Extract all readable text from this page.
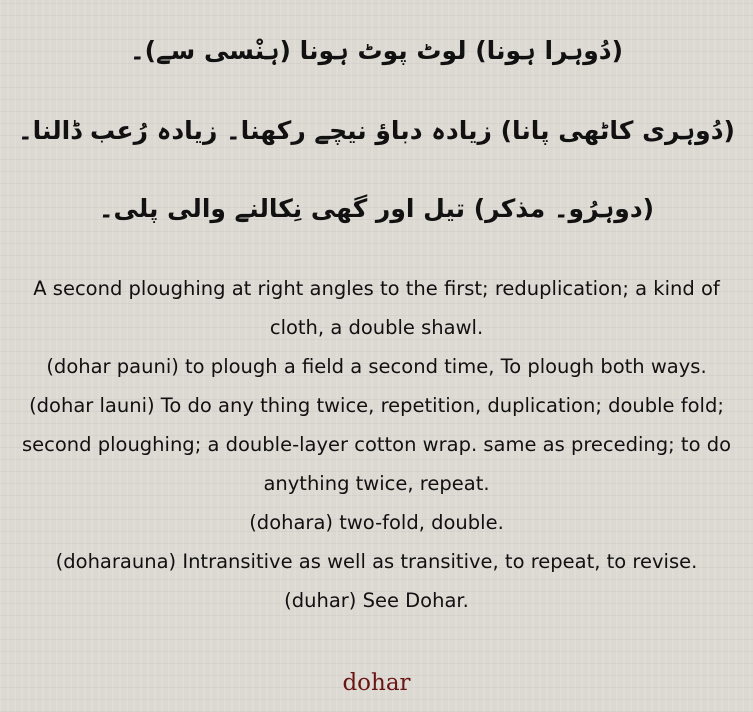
(دُوہرا ہونا) لوٹ پوٹ ہونا (ہنْسی سے)۔
(دُوہری کاٹھی پانا) زیادہ دباؤ نیچے رکھنا۔ زیادہ رُعب ڈالنا۔
(دوہرُو۔ مذکر) تیل اور گھی نِکالنے والی پلی۔

A second ploughing at right angles to the first; reduplication; a kind of cloth, a double shawl.

(dohar pauni) to plough a field a second time, To plough both ways.

(dohar launi) To do any thing twice, repetition, duplication; double fold; second ploughing; a double-layer cotton wrap. same as preceding; to do anything twice, repeat.

(dohara) two-fold, double.

(doharauna) Intransitive as well as transitive, to repeat, to revise.

(duhar) See Dohar.

dohar
